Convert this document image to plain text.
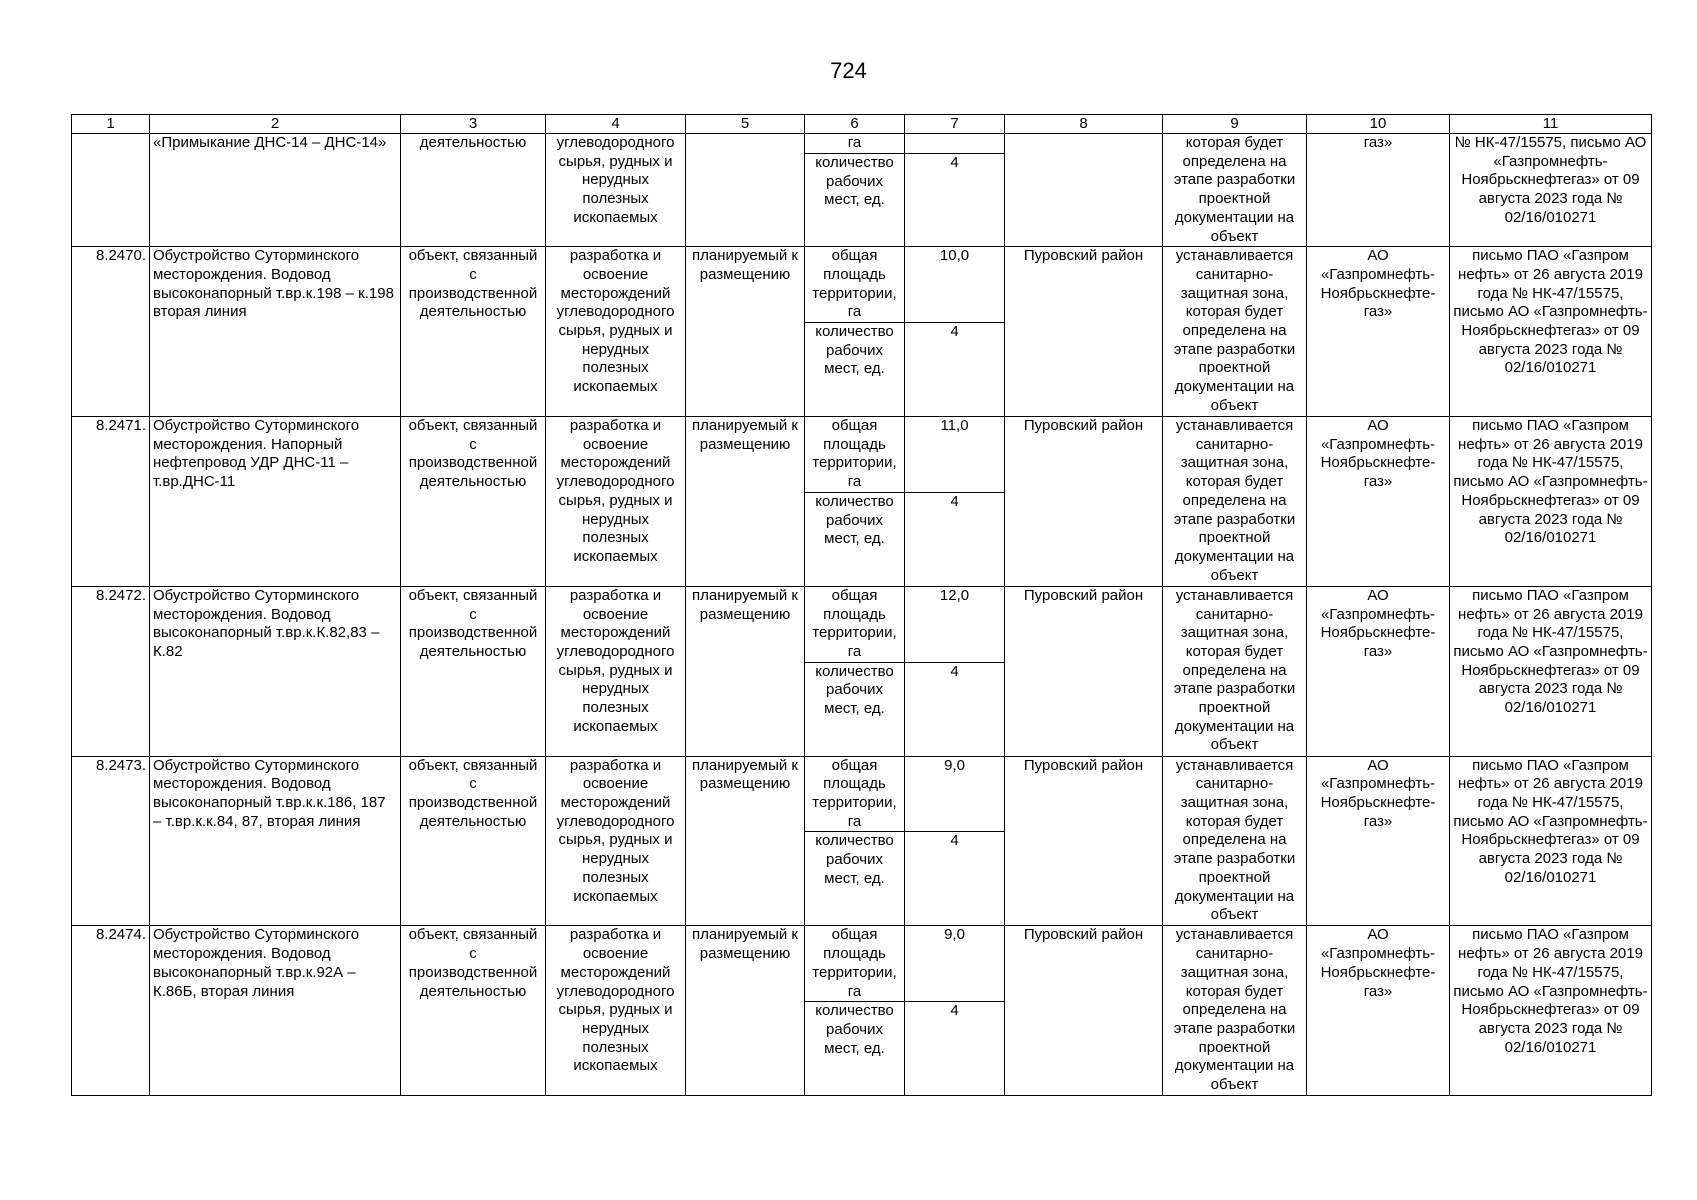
724
1	2	3	4	5	6	7	8	9	10	11
	«Примыкание ДНС-14 – ДНС-14»	деятельностью	углеводородного сырья, рудных и нерудных полезных ископаемых		га			которая будет определена на этапе разработки проектной документации на объект	газ»	№ НК-47/15575, письмо АО «Газпромнефть-Ноябрьскнефтегаз» от 09 августа 2023 года № 02/16/010271
					количество рабочих мест, ед.	4				
8.2470.	Обустройство Суторминского месторождения. Водовод высоконапорный т.вр.к.198 – к.198 вторая линия	объект, связанный с производственной деятельностью	разработка и освоение месторождений углеводородного сырья, рудных и нерудных полезных ископаемых	планируемый к размещению	общая площадь территории, га	10,0	Пуровский район	устанавливается санитарно-защитная зона, которая будет определена на этапе разработки проектной документации на объект	АО «Газпромнефть-Ноябрьскнефте-газ»	письмо ПАО «Газпром нефть» от 26 августа 2019 года № НК-47/15575, письмо АО «Газпромнефть-Ноябрьскнефтегаз» от 09 августа 2023 года № 02/16/010271
					количество рабочих мест, ед.	4				
8.2471.	Обустройство Суторминского месторождения. Напорный нефтепровод УДР ДНС-11 – т.вр.ДНС-11	объект, связанный с производственной деятельностью	разработка и освоение месторождений углеводородного сырья, рудных и нерудных полезных ископаемых	планируемый к размещению	общая площадь территории, га	11,0	Пуровский район	устанавливается санитарно-защитная зона, которая будет определена на этапе разработки проектной документации на объект	АО «Газпромнефть-Ноябрьскнефте-газ»	письмо ПАО «Газпром нефть» от 26 августа 2019 года № НК-47/15575, письмо АО «Газпромнефть-Ноябрьскнефтегаз» от 09 августа 2023 года № 02/16/010271
					количество рабочих мест, ед.	4				
8.2472.	Обустройство Суторминского месторождения. Водовод высоконапорный т.вр.к.К.82,83 – К.82	объект, связанный с производственной деятельностью	разработка и освоение месторождений углеводородного сырья, рудных и нерудных полезных ископаемых	планируемый к размещению	общая площадь территории, га	12,0	Пуровский район	устанавливается санитарно-защитная зона, которая будет определена на этапе разработки проектной документации на объект	АО «Газпромнефть-Ноябрьскнефте-газ»	письмо ПАО «Газпром нефть» от 26 августа 2019 года № НК-47/15575, письмо АО «Газпромнефть-Ноябрьскнефтегаз» от 09 августа 2023 года № 02/16/010271
					количество рабочих мест, ед.	4				
8.2473.	Обустройство Суторминского месторождения. Водовод высоконапорный т.вр.к.к.186, 187 – т.вр.к.к.84, 87, вторая линия	объект, связанный с производственной деятельностью	разработка и освоение месторождений углеводородного сырья, рудных и нерудных полезных ископаемых	планируемый к размещению	общая площадь территории, га	9,0	Пуровский район	устанавливается санитарно-защитная зона, которая будет определена на этапе разработки проектной документации на объект	АО «Газпромнефть-Ноябрьскнефте-газ»	письмо ПАО «Газпром нефть» от 26 августа 2019 года № НК-47/15575, письмо АО «Газпромнефть-Ноябрьскнефтегаз» от 09 августа 2023 года № 02/16/010271
					количество рабочих мест, ед.	4				
8.2474.	Обустройство Суторминского месторождения. Водовод высоконапорный т.вр.к.92А – К.86Б, вторая линия	объект, связанный с производственной деятельностью	разработка и освоение месторождений углеводородного сырья, рудных и нерудных полезных ископаемых	планируемый к размещению	общая площадь территории, га	9,0	Пуровский район	устанавливается санитарно-защитная зона, которая будет определена на этапе разработки проектной документации на объект	АО «Газпромнефть-Ноябрьскнефте-газ»	письмо ПАО «Газпром нефть» от 26 августа 2019 года № НК-47/15575, письмо АО «Газпромнефть-Ноябрьскнефтегаз» от 09 августа 2023 года № 02/16/010271
					количество рабочих мест, ед.	4				
